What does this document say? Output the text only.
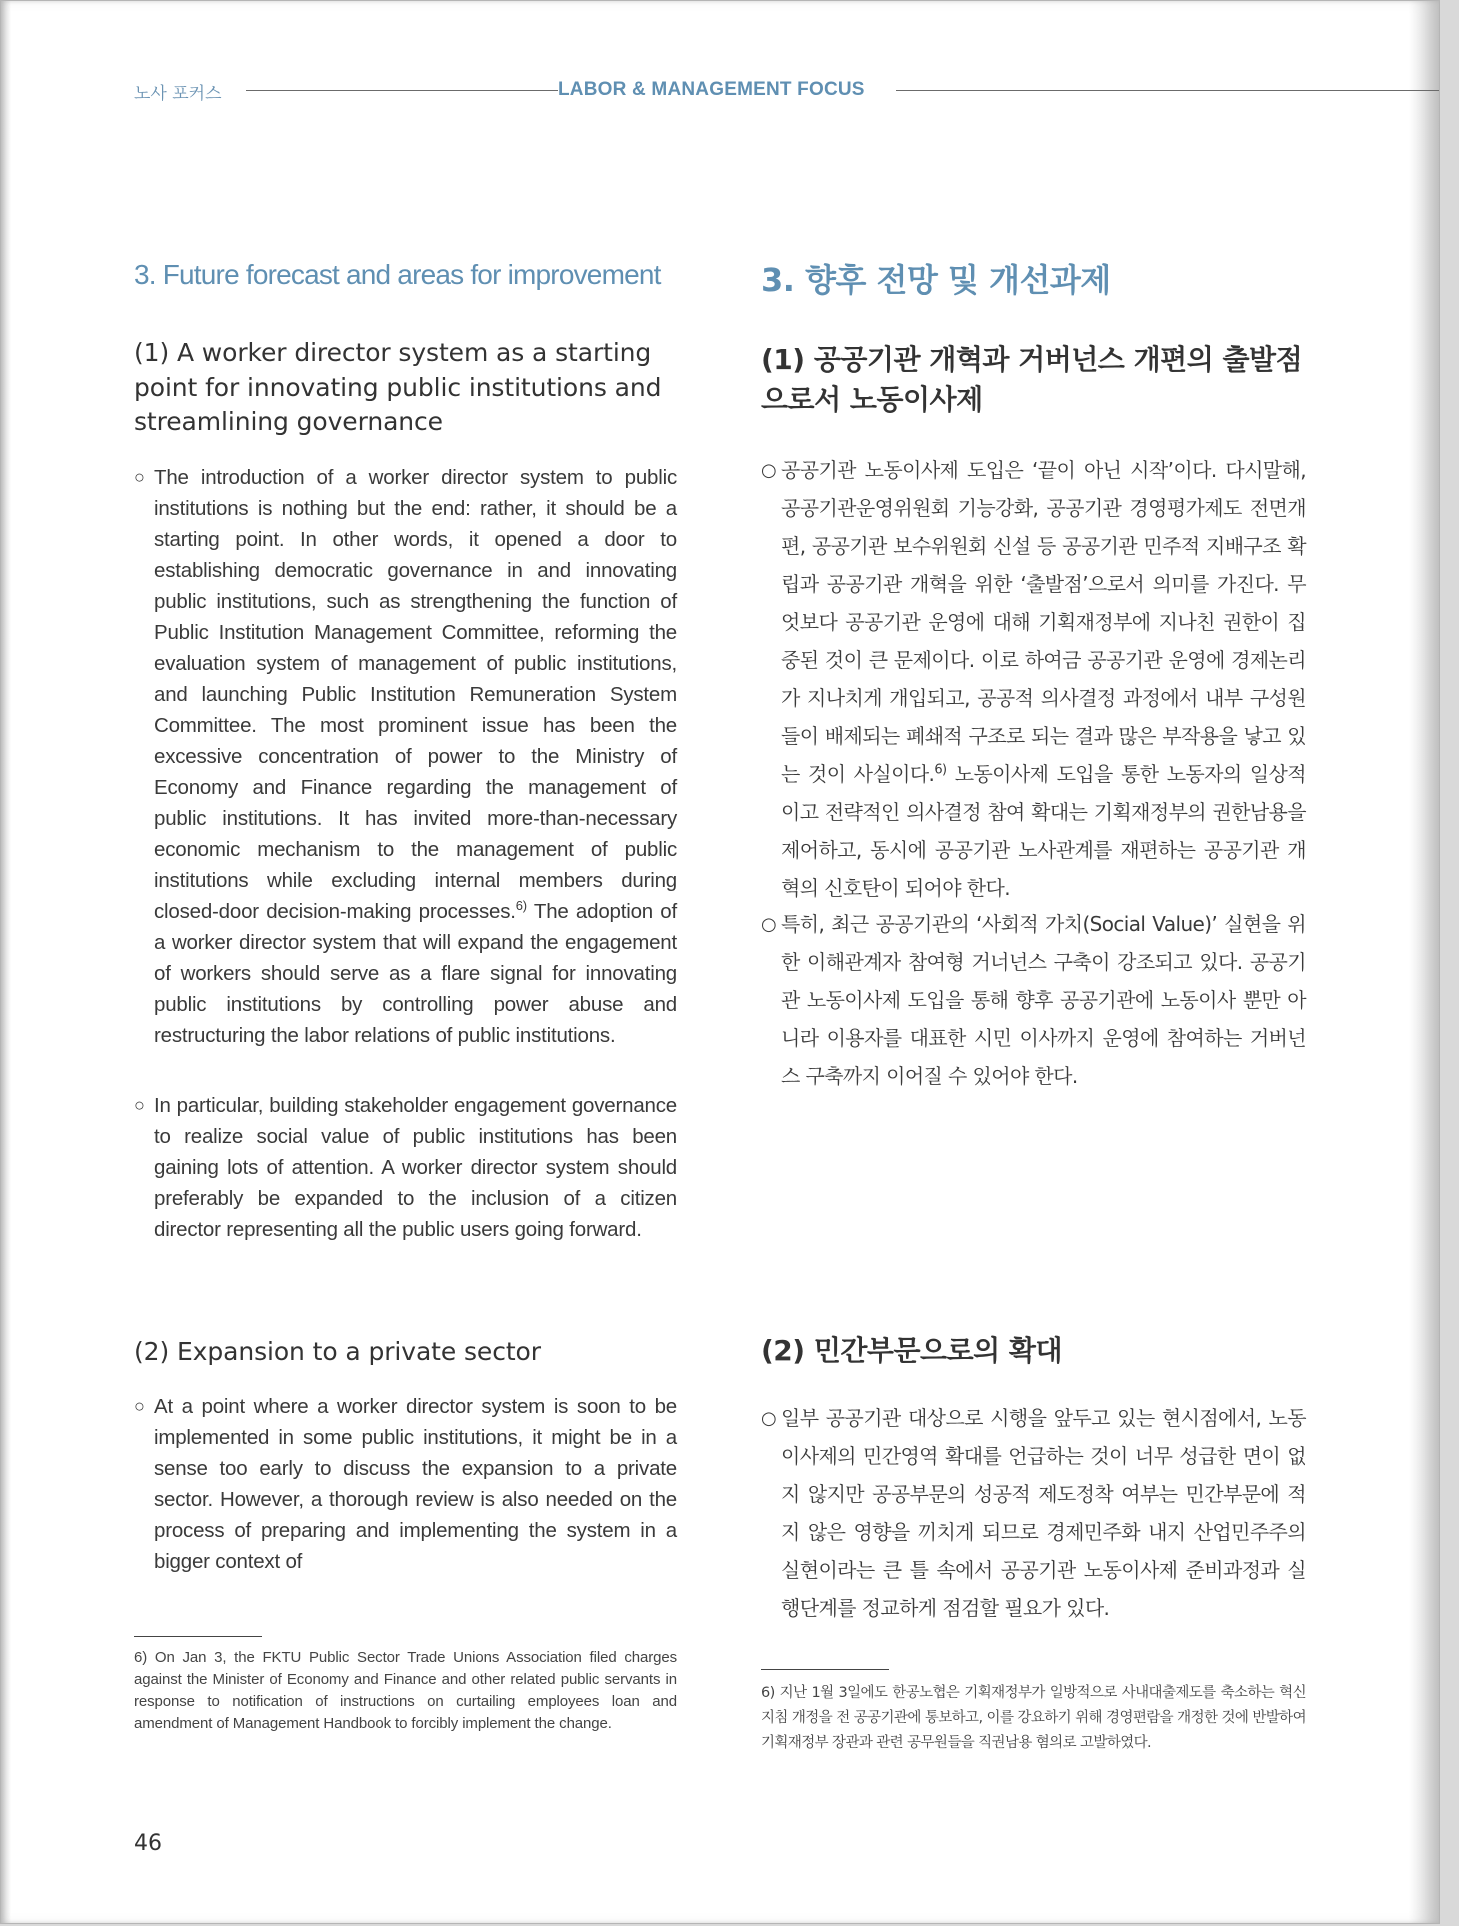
노사 포커스	LABOR & MANAGEMENT FOCUS
3. Future forecast and areas for improvement
(1) A worker director system as a starting point for innovating public institutions and streamlining governance

○ The introduction of a worker director system to public institutions is nothing but the end: rather, it should be a starting point. In other words, it opened a door to establishing democratic governance in and innovating public institutions, such as strengthening the function of Public Institution Management Committee, reforming the evaluation system of management of public institutions, and launching Public Institution Remuneration System Committee. The most prominent issue has been the excessive concentration of power to the Ministry of Economy and Finance regarding the management of public institutions. It has invited more-than-necessary economic mechanism to the management of public institutions while excluding internal members during closed-door decision-making processes.$^{6)}$ The adoption of a worker director system that will expand the engagement of workers should serve as a flare signal for innovating public institutions by controlling power abuse and restructuring the labor relations of public institutions.

○ In particular, building stakeholder engagement governance to realize social value of public institutions has been gaining lots of attention. A worker director system should preferably be expanded to the inclusion of a citizen director representing all the public users going forward.

(2) Expansion to a private sector

○ At a point where a worker director system is soon to be implemented in some public institutions, it might be in a sense too early to discuss the expansion to a private sector. However, a thorough review is also needed on the process of preparing and implementing the system in a bigger context of

6) On Jan 3, the FKTU Public Sector Trade Unions Association filed charges against the Minister of Economy and Finance and other related public servants in response to notification of instructions on curtailing employees loan and amendment of Management Handbook to forcibly implement the change.

3. 향후 전망 및 개선과제
(1) 공공기관 개혁과 거버넌스 개편의 출발점으로서 노동이사제

○ 공공기관 노동이사제 도입은 ‘끝이 아닌 시작’이다. 다시말해, 공공기관운영위원회 기능강화, 공공기관 경영평가제도 전면개편, 공공기관 보수위원회 신설 등 공공기관 민주적 지배구조 확립과 공공기관 개혁을 위한 ‘출발점’으로서 의미를 가진다. 무엇보다 공공기관 운영에 대해 기획재정부에 지나친 권한이 집중된 것이 큰 문제이다. 이로 하여금 공공기관 운영에 경제논리가 지나치게 개입되고, 공공적 의사결정 과정에서 내부 구성원들이 배제되는 폐쇄적 구조로 되는 결과 많은 부작용을 낳고 있는 것이 사실이다.$^{6)}$ 노동이사제 도입을 통한 노동자의 일상적이고 전략적인 의사결정 참여 확대는 기획재정부의 권한남용을 제어하고, 동시에 공공기관 노사관계를 재편하는 공공기관 개혁의 신호탄이 되어야 한다.

○ 특히, 최근 공공기관의 ‘사회적 가치(Social Value)’ 실현을 위한 이해관계자 참여형 거너넌스 구축이 강조되고 있다. 공공기관 노동이사제 도입을 통해 향후 공공기관에 노동이사 뿐만 아니라 이용자를 대표한 시민 이사까지 운영에 참여하는 거버넌스 구축까지 이어질 수 있어야 한다.

(2) 민간부문으로의 확대

○ 일부 공공기관 대상으로 시행을 앞두고 있는 현시점에서, 노동이사제의 민간영역 확대를 언급하는 것이 너무 성급한 면이 없지 않지만 공공부문의 성공적 제도정착 여부는 민간부문에 적지 않은 영향을 끼치게 되므로 경제민주화 내지 산업민주주의 실현이라는 큰 틀 속에서 공공기관 노동이사제 준비과정과 실행단계를 정교하게 점검할 필요가 있다.

6) 지난 1월 3일에도 한공노협은 기획재정부가 일방적으로 사내대출제도를 축소하는 혁신지침 개정을 전 공공기관에 통보하고, 이를 강요하기 위해 경영편람을 개정한 것에 반발하여 기획재정부 장관과 관련 공무원들을 직권남용 혐의로 고발하였다.

46
